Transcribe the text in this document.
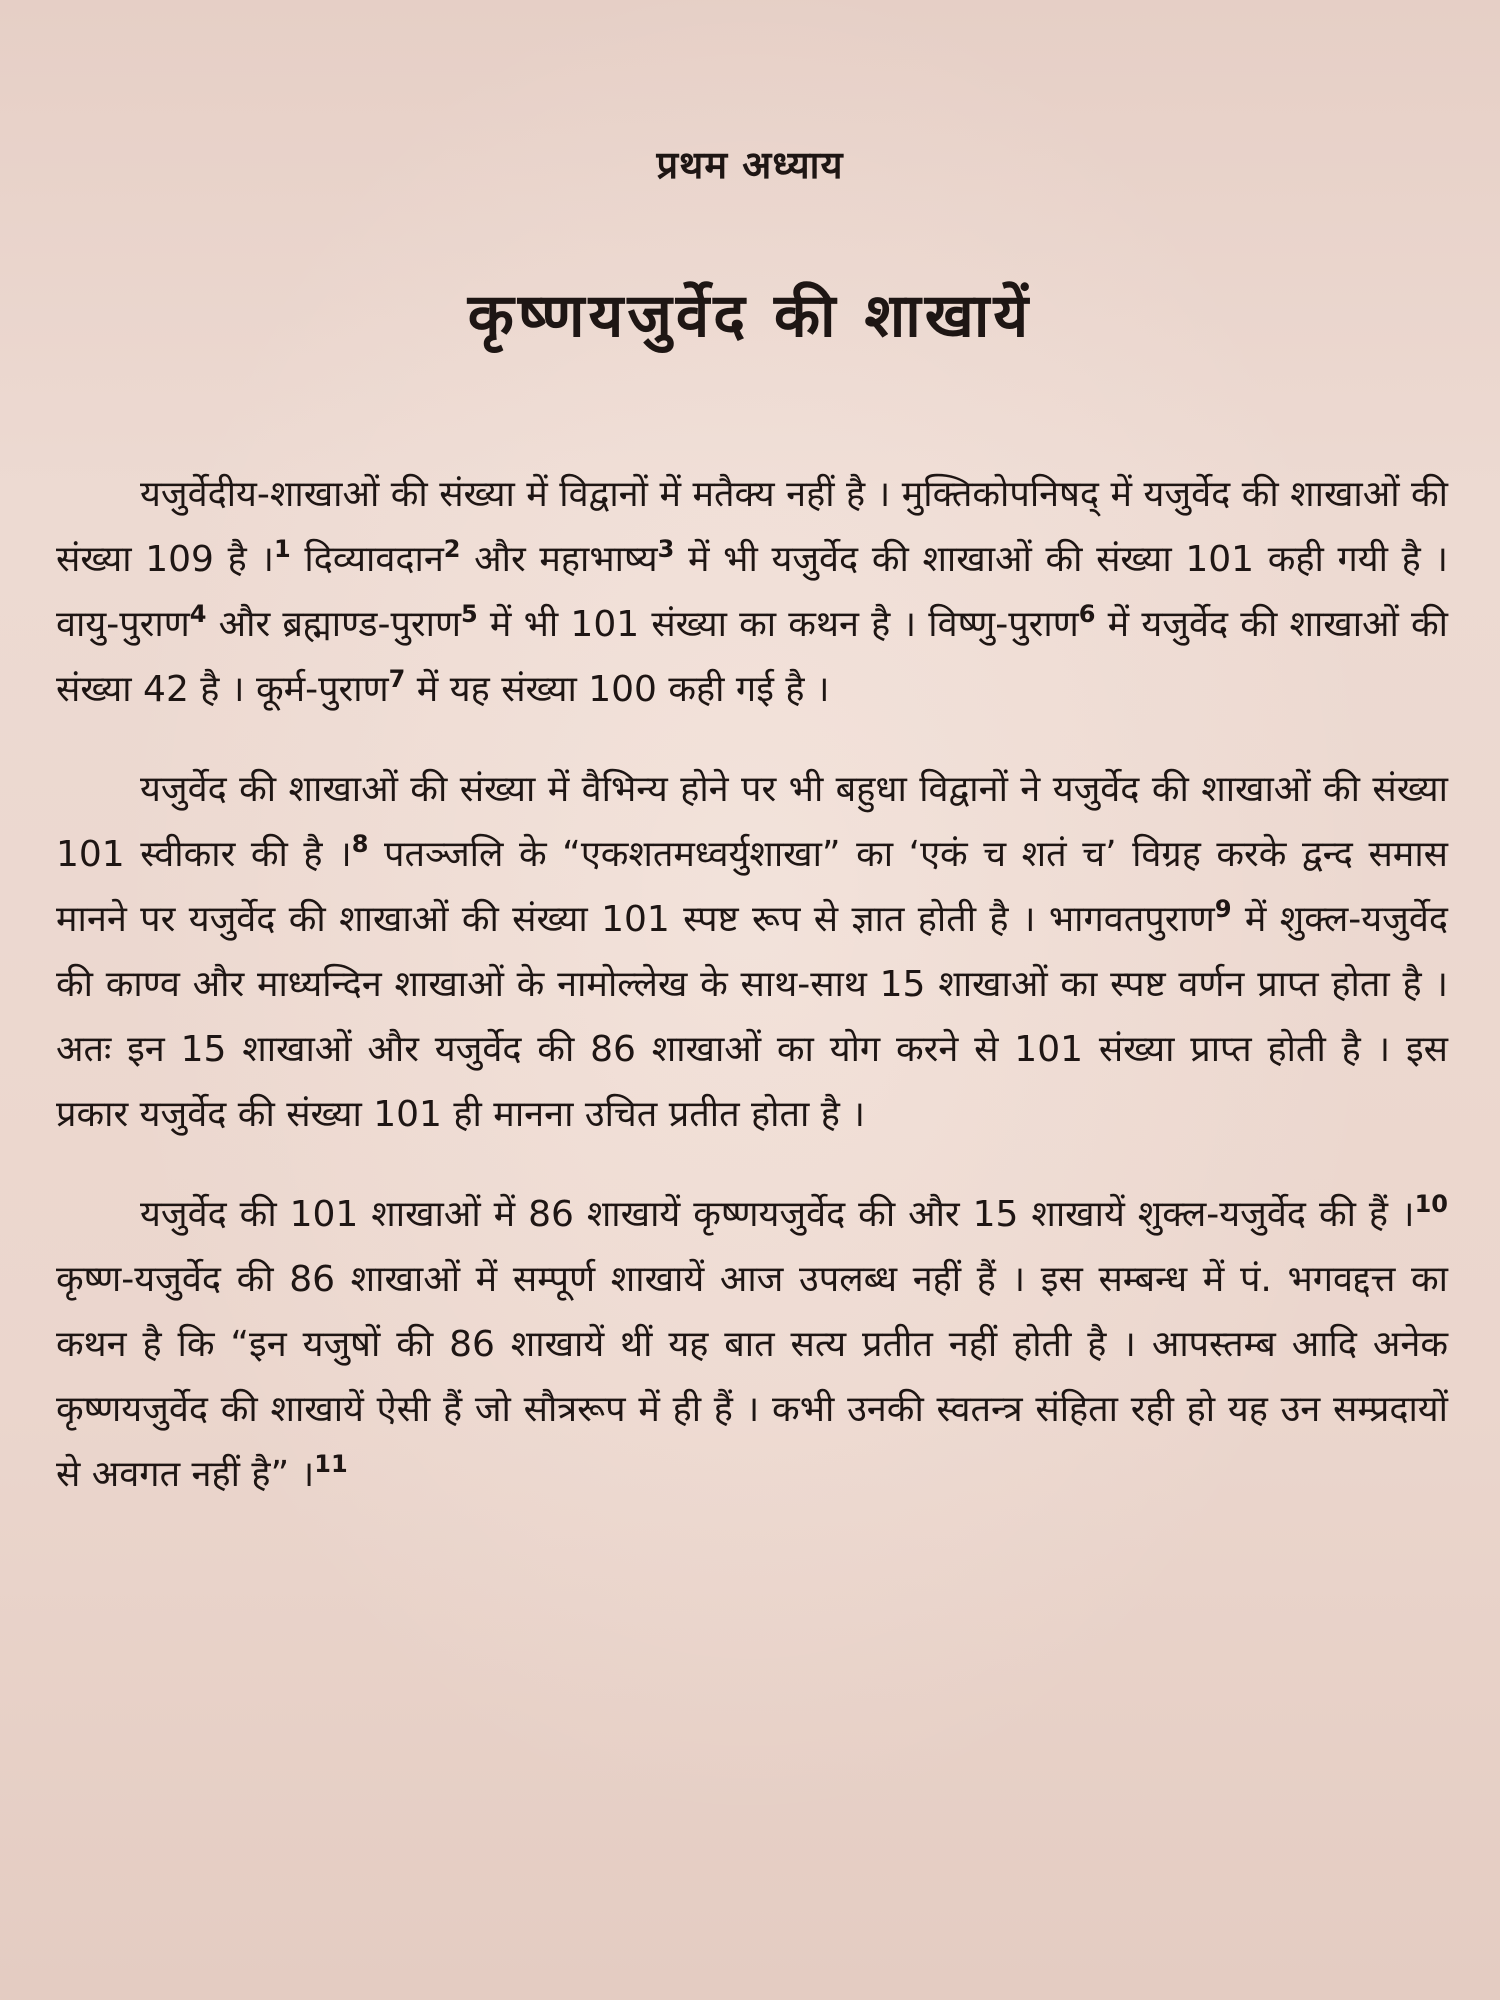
प्रथम अध्याय
कृष्णयजुर्वेद की शाखायें

यजुर्वेदीय-शाखाओं की संख्या में विद्वानों में मतैक्य नहीं है । मुक्तिकोपनिषद् में यजुर्वेद की शाखाओं की संख्या 109 है ।$^1$ दिव्यावदान$^2$ और महाभाष्य$^3$ में भी यजुर्वेद की शाखाओं की संख्या 101 कही गयी है । वायु-पुराण$^4$ और ब्रह्माण्ड-पुराण$^5$ में भी 101 संख्या का कथन है । विष्णु-पुराण$^6$ में यजुर्वेद की शाखाओं की संख्या 42 है । कूर्म-पुराण$^7$ में यह संख्या 100 कही गई है ।

यजुर्वेद की शाखाओं की संख्या में वैभिन्य होने पर भी बहुधा विद्वानों ने यजुर्वेद की शाखाओं की संख्या 101 स्वीकार की है ।$^8$ पतञ्जलि के “एकशतमध्वर्युशाखा” का ‘एकं च शतं च’ विग्रह करके द्वन्द समास मानने पर यजुर्वेद की शाखाओं की संख्या 101 स्पष्ट रूप से ज्ञात होती है । भागवतपुराण$^9$ में शुक्ल-यजुर्वेद की काण्व और माध्यन्दिन शाखाओं के नामोल्लेख के साथ-साथ 15 शाखाओं का स्पष्ट वर्णन प्राप्त होता है । अतः इन 15 शाखाओं और यजुर्वेद की 86 शाखाओं का योग करने से 101 संख्या प्राप्त होती है । इस प्रकार यजुर्वेद की संख्या 101 ही मानना उचित प्रतीत होता है ।

यजुर्वेद की 101 शाखाओं में 86 शाखायें कृष्णयजुर्वेद की और 15 शाखायें शुक्ल-यजुर्वेद की हैं ।$^{10}$ कृष्ण-यजुर्वेद की 86 शाखाओं में सम्पूर्ण शाखायें आज उपलब्ध नहीं हैं । इस सम्बन्ध में पं. भगवद्दत्त का कथन है कि “इन यजुषों की 86 शाखायें थीं यह बात सत्य प्रतीत नहीं होती है । आपस्तम्ब आदि अनेक कृष्णयजुर्वेद की शाखायें ऐसी हैं जो सौत्ररूप में ही हैं । कभी उनकी स्वतन्त्र संहिता रही हो यह उन सम्प्रदायों से अवगत नहीं है” ।$^{11}$
